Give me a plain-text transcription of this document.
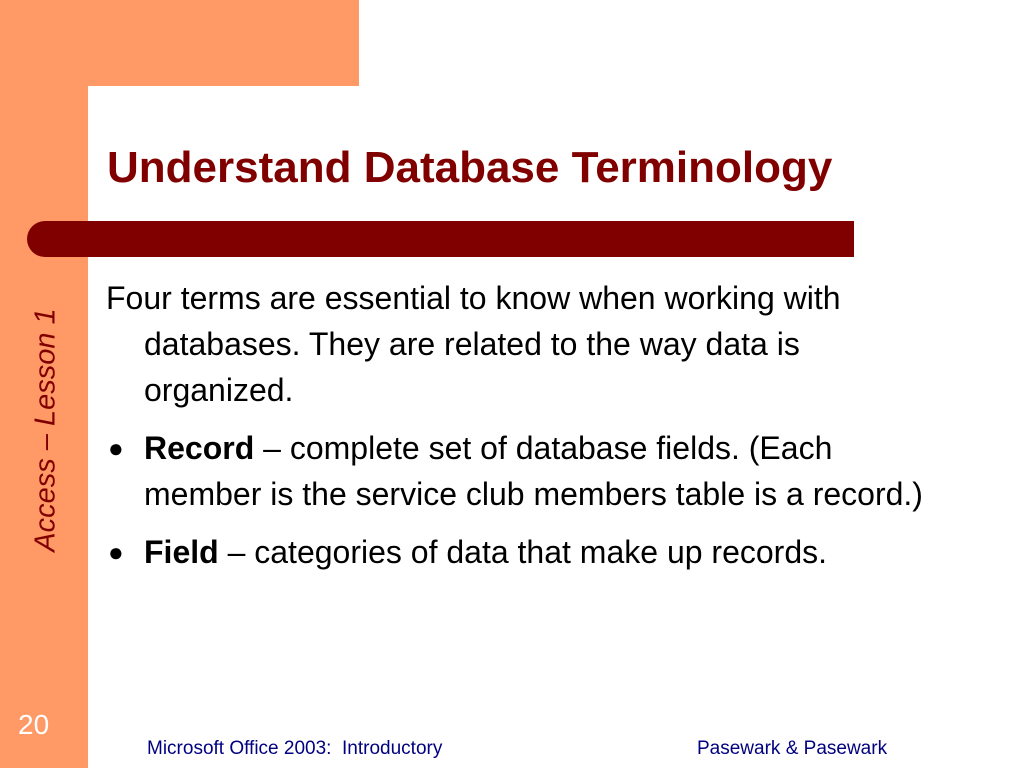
Access – Lesson 1
20
Understand Database Terminology

Four terms are essential to know when working with databases. They are related to the way data is organized.

● Record – complete set of database fields. (Each member is the service club members table is a record.)
● Field – categories of data that make up records.
Microsoft Office 2003:  Introductory	Pasewark & Pasewark
